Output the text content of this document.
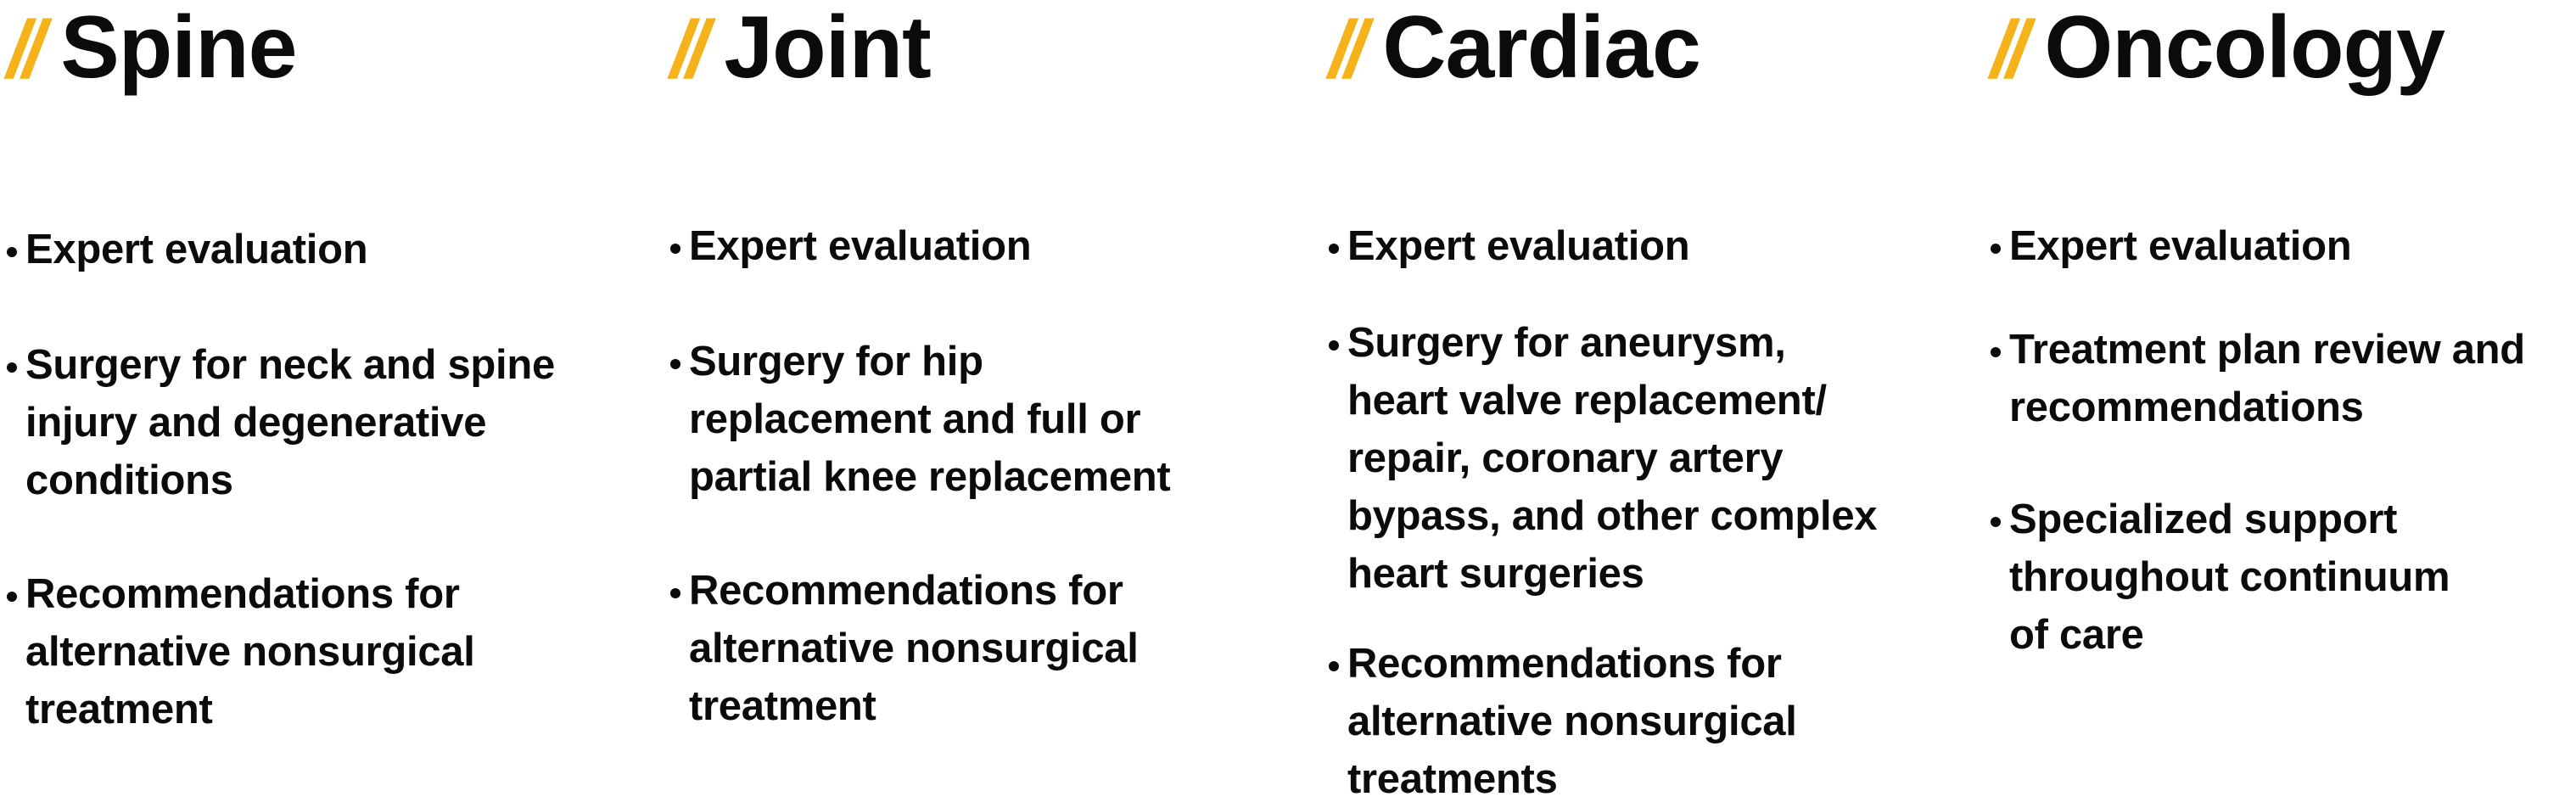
// Spine
Expert evaluation
Surgery for neck and spine
injury and degenerative
conditions
Recommendations for
alternative nonsurgical
treatment
// Joint
Expert evaluation
Surgery for hip
replacement and full or
partial knee replacement
Recommendations for
alternative nonsurgical
treatment
// Cardiac
Expert evaluation
Surgery for aneurysm,
heart valve replacement/
repair, coronary artery
bypass, and other complex
heart surgeries
Recommendations for
alternative nonsurgical
treatments
// Oncology
Expert evaluation
Treatment plan review and
recommendations
Specialized support
throughout continuum
of care
